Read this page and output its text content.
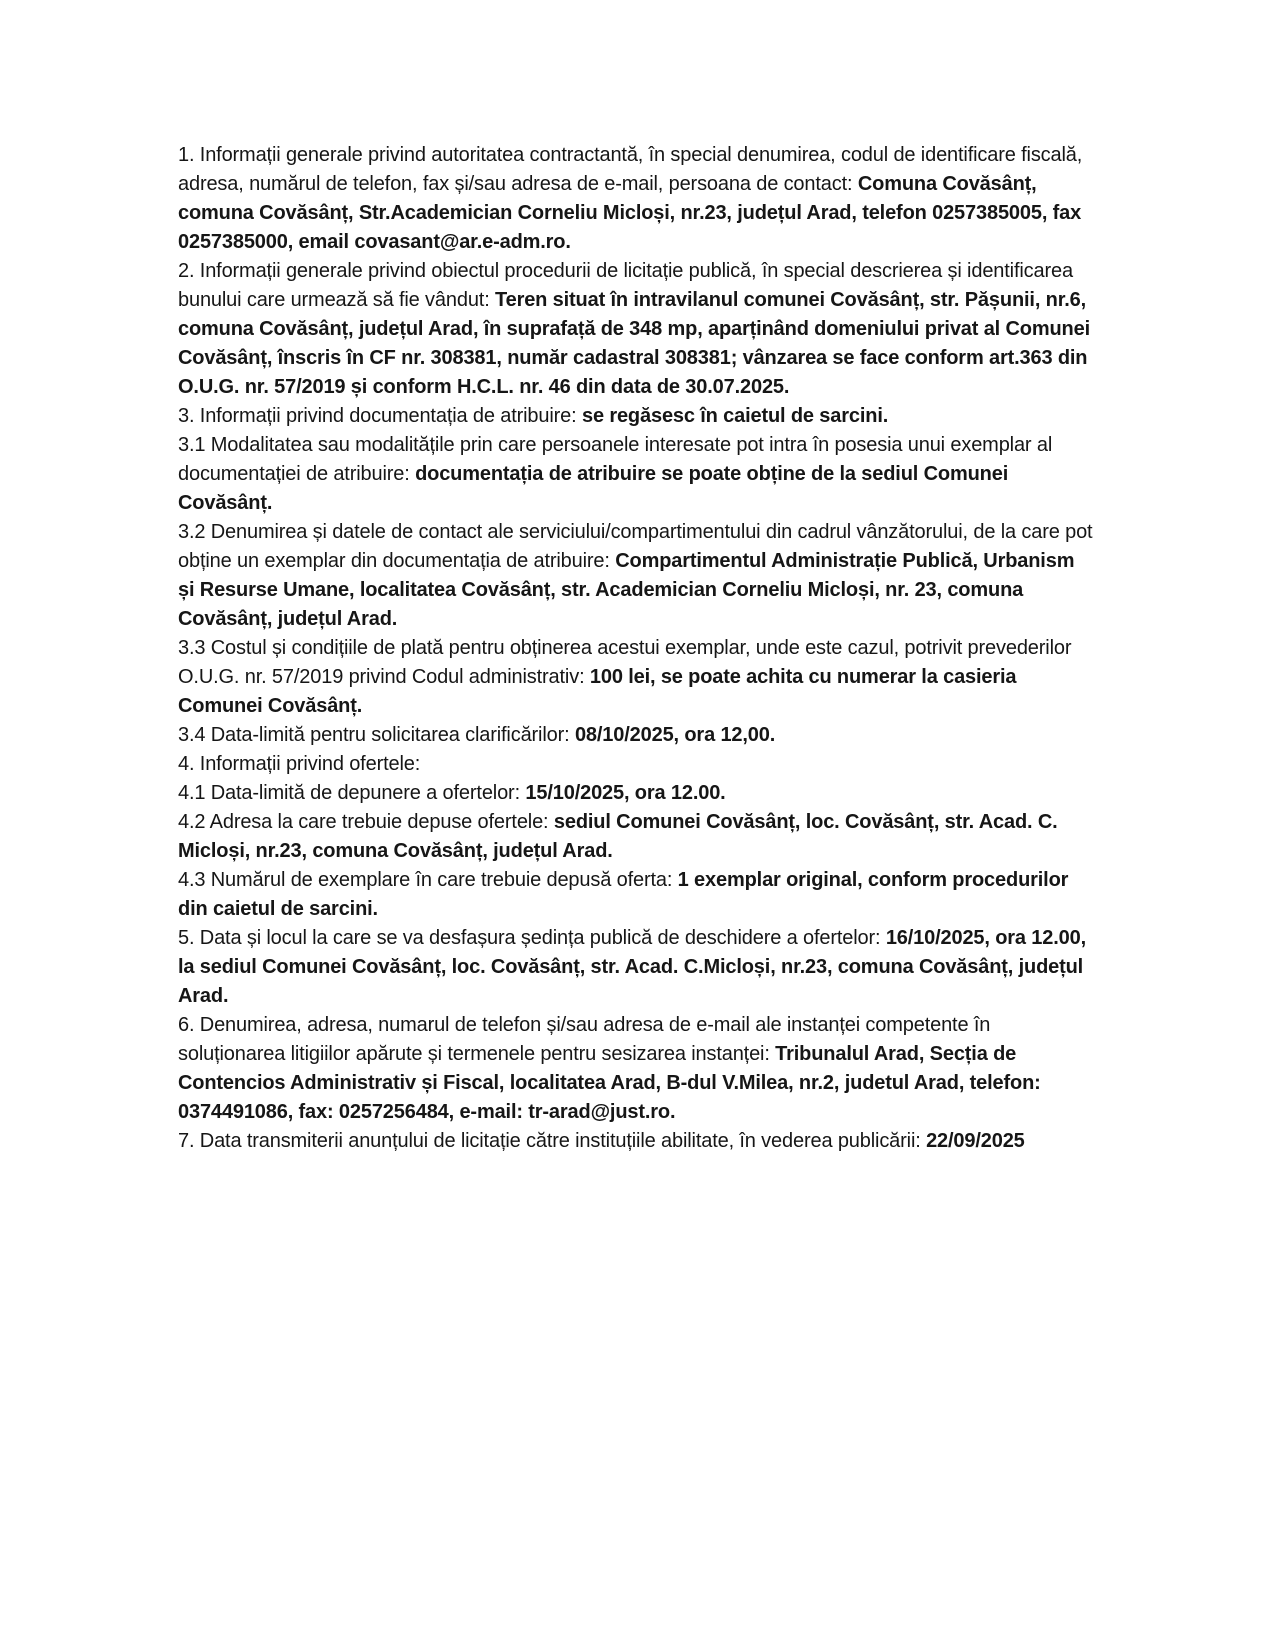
1. Informații generale privind autoritatea contractantă, în special denumirea, codul de identificare fiscală, adresa, numărul de telefon, fax și/sau adresa de e-mail, persoana de contact: Comuna Covăsânț, comuna Covăsânț, Str.Academician Corneliu Micloși, nr.23, județul Arad, telefon 0257385005, fax 0257385000, email covasant@ar.e-adm.ro.

2. Informații generale privind obiectul procedurii de licitație publică, în special descrierea și identificarea bunului care urmează să fie vândut: Teren situat în intravilanul comunei Covăsânț, str. Pășunii, nr.6, comuna Covăsânț, județul Arad, în suprafață de 348 mp, aparținând domeniului privat al Comunei Covăsânț, înscris în CF nr. 308381, număr cadastral 308381; vânzarea se face conform art.363 din O.U.G. nr. 57/2019 și conform H.C.L. nr. 46 din data de 30.07.2025.

3. Informații privind documentația de atribuire: se regăsesc în caietul de sarcini.

3.1 Modalitatea sau modalitățile prin care persoanele interesate pot intra în posesia unui exemplar al documentației de atribuire: documentația de atribuire se poate obține de la sediul Comunei Covăsânț.

3.2 Denumirea și datele de contact ale serviciului/compartimentului din cadrul vânzătorului, de la care pot obține un exemplar din documentația de atribuire: Compartimentul Administrație Publică, Urbanism și Resurse Umane, localitatea Covăsânț, str. Academician Corneliu Micloși, nr. 23, comuna Covăsânț, județul Arad.

3.3 Costul și condițiile de plată pentru obținerea acestui exemplar, unde este cazul, potrivit prevederilor O.U.G. nr. 57/2019 privind Codul administrativ: 100 lei, se poate achita cu numerar la casieria Comunei Covăsânț.

3.4 Data-limită pentru solicitarea clarificărilor: 08/10/2025, ora 12,00.

4. Informații privind ofertele:

4.1 Data-limită de depunere a ofertelor: 15/10/2025, ora 12.00.

4.2 Adresa la care trebuie depuse ofertele: sediul Comunei Covăsânț, loc. Covăsânț, str. Acad. C. Micloși, nr.23, comuna Covăsânț, județul Arad.

4.3 Numărul de exemplare în care trebuie depusă oferta: 1 exemplar original, conform procedurilor din caietul de sarcini.

5. Data și locul la care se va desfașura ședința publică de deschidere a ofertelor: 16/10/2025, ora 12.00, la sediul Comunei Covăsânț, loc. Covăsânț, str. Acad. C.Micloși, nr.23, comuna Covăsânț, județul Arad.

6. Denumirea, adresa, numarul de telefon și/sau adresa de e-mail ale instanței competente în soluționarea litigiilor apărute și termenele pentru sesizarea instanței: Tribunalul Arad, Secția de Contencios Administrativ și Fiscal, localitatea Arad, B-dul V.Milea, nr.2, judetul Arad, telefon: 0374491086, fax: 0257256484, e-mail: tr-arad@just.ro.

7. Data transmiterii anunțului de licitație către instituțiile abilitate, în vederea publicării: 22/09/2025
